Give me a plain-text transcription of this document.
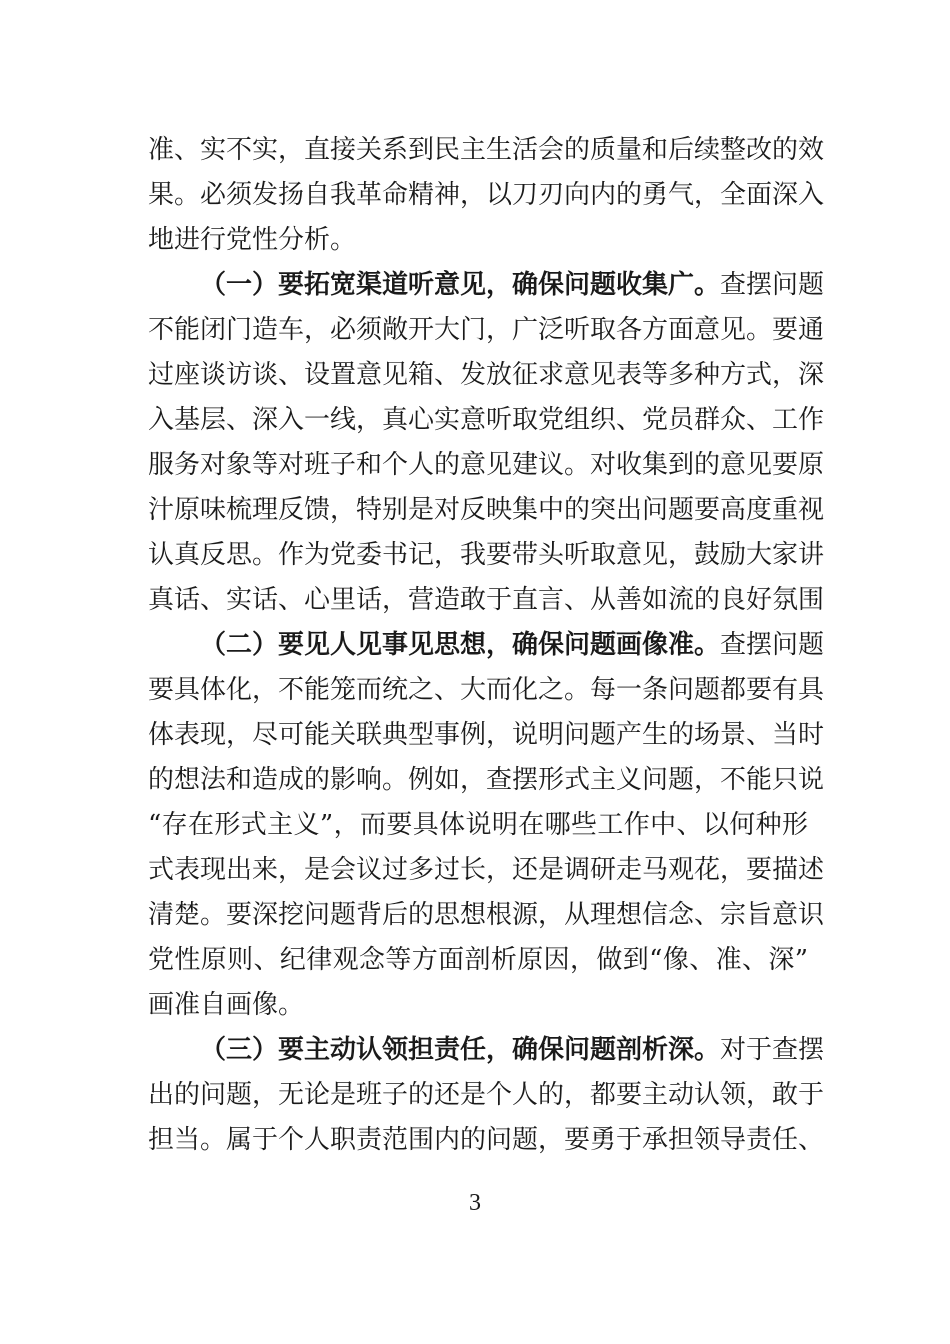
准、实不实，直接关系到民主生活会的质量和后续整改的效
果。必须发扬自我革命精神，以刀刃向内的勇气，全面深入
地进行党性分析。
（一）要拓宽渠道听意见，确保问题收集广。查摆问题
不能闭门造车，必须敞开大门，广泛听取各方面意见。要通
过座谈访谈、设置意见箱、发放征求意见表等多种方式，深
入基层、深入一线，真心实意听取党组织、党员群众、工作
服务对象等对班子和个人的意见建议。对收集到的意见要原
汁原味梳理反馈，特别是对反映集中的突出问题要高度重视
认真反思。作为党委书记，我要带头听取意见，鼓励大家讲
真话、实话、心里话，营造敢于直言、从善如流的良好氛围
（二）要见人见事见思想，确保问题画像准。查摆问题
要具体化，不能笼而统之、大而化之。每一条问题都要有具
体表现，尽可能关联典型事例，说明问题产生的场景、当时
的想法和造成的影响。例如，查摆形式主义问题，不能只说
“存在形式主义”，而要具体说明在哪些工作中、以何种形
式表现出来，是会议过多过长，还是调研走马观花，要描述
清楚。要深挖问题背后的思想根源，从理想信念、宗旨意识
党性原则、纪律观念等方面剖析原因，做到“像、准、深”
画准自画像。
（三）要主动认领担责任，确保问题剖析深。对于查摆
出的问题，无论是班子的还是个人的，都要主动认领，敢于
担当。属于个人职责范围内的问题，要勇于承担领导责任、
3
